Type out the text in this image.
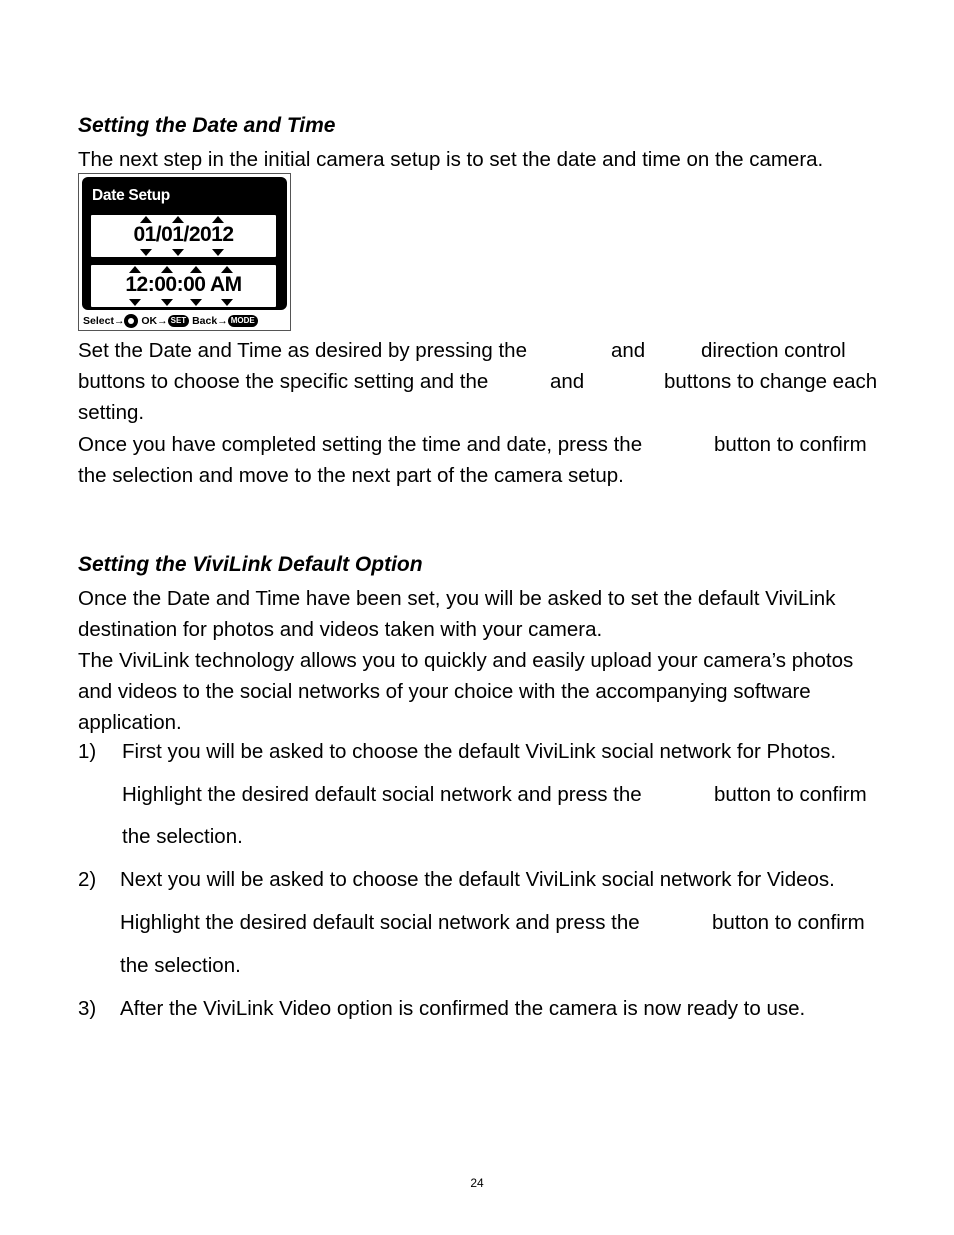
Setting the Date and Time

The next step in the initial camera setup is to set the date and time on the camera.

Date Setup
01/01/2012
12:00:00 AM
Select→ OK→ SET Back→ MODE
Set the Date and Time as desired by pressing the	and	direction control
buttons to choose the specific setting and the	and	buttons to change each
setting.
Once you have completed setting the time and date, press the	button to confirm
the selection and move to the next part of the camera setup.
Setting the ViviLink Default Option
Once the Date and Time have been set, you will be asked to set the default ViviLink
destination for photos and videos taken with your camera.
The ViviLink technology allows you to quickly and easily upload your camera’s photos
and videos to the social networks of your choice with the accompanying software
application.
1) First you will be asked to choose the default ViviLink social network for Photos.
Highlight the desired default social network and press the	button to confirm
the selection.
2) Next you will be asked to choose the default ViviLink social network for Videos.
Highlight the desired default social network and press the	button to confirm
the selection.
3) After the ViviLink Video option is confirmed the camera is now ready to use.
24
